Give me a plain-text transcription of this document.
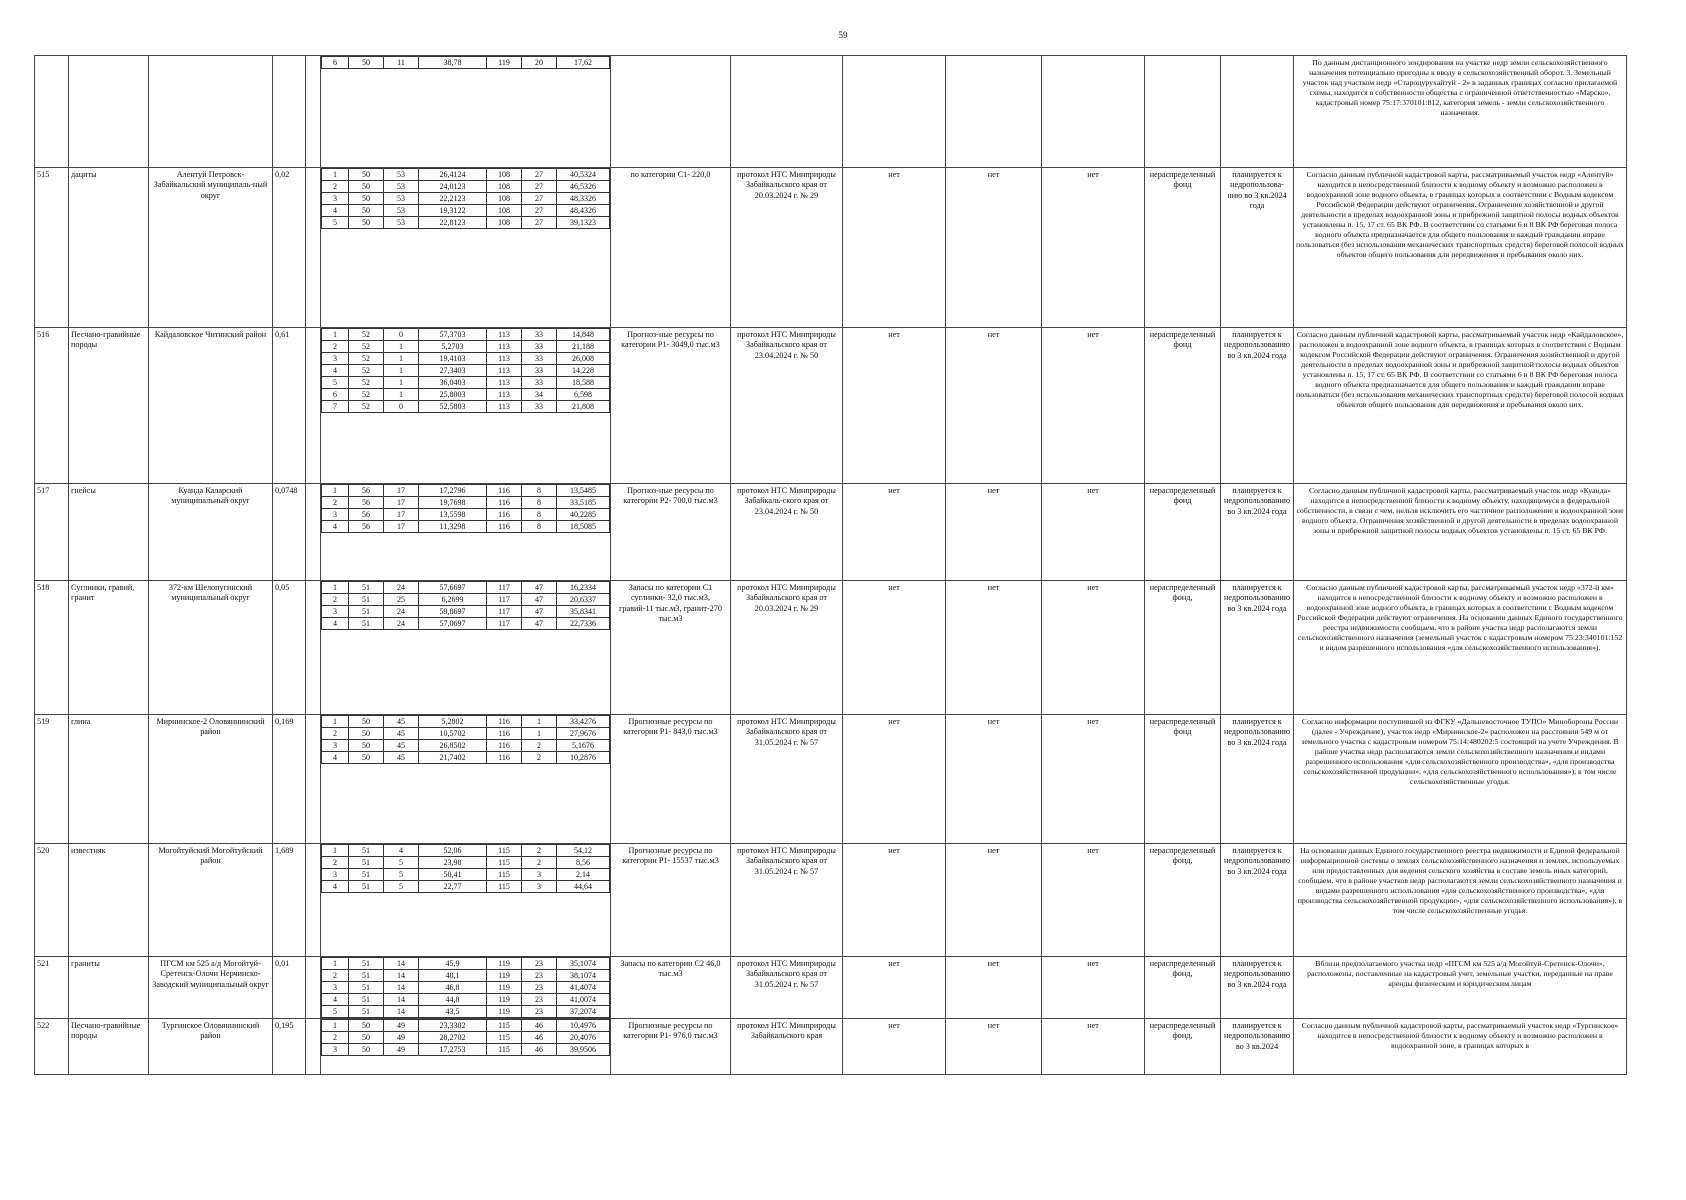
59

6	50	11	38,78	119	20	17,62
									По данным дистанционного зондирования на участке недр земли сельскохозяйственного назначения потенциально пригодны к вводу в сельскохозяйственный оборот. 3. Земельный участок над участком недр «Староцурухайтуй - 2» в заданных границах согласно прилагаемой схемы, находится в собственности общества с ограниченной ответственностью «Марско», кадастровый номер 75:17:370101:812, категория земель - земли сельскохозяйственного назначения.
515	дациты	Алентуй Петровск-Забайкальский муниципаль-ный округ	0,02			1	50	53	26,4124	108	27	40,5324
2	50	53	24,0123	108	27	46,5326
3	50	53	22,2123	108	27	48,3326
4	50	53	19,3122	108	27	48,4326
5	50	53	22,8123	108	27	39,1323
	по категории С1- 220,0	протокол НТС Минприроды Забайкальского края от 20.03.2024 г. № 29	нет	нет	нет	нераспределенный фонд	планируется к недропользова-нию во 3 кв.2024 года	Согласно данным публичной кадастровой карты, рассматриваемый участок недр «Алентуй» находится в непосредственной близости к водному объекту и возможно расположен в водоохранной зоне водного объекта, в границах которых в соответствии с Водным кодексом Российской Федерации действуют ограничения. Ограничение хозяйственной и другой деятельности в пределах водоохранной зоны и прибрежной защитной полосы водных объектов установлены п. 15, 17 ст. 65 ВК РФ. В соответствии со статьями 6 и 8 ВК РФ береговая полоса водного объекта предназначается для общего пользования и каждый гражданин вправе пользоваться (без использования механических транспортных средств) береговой полосой водных объектов общего пользования для передвижения и пребывания около них.
516	Песчано-гравийные породы	Кайдаловское Читинский район	0,61			1	52	0	57,3703	113	33	14,848
2	52	1	5,2703	113	33	21,188
3	52	1	19,4103	113	33	26,008
4	52	1	27,3403	113	33	14,228
5	52	1	36,0403	113	33	18,588
6	52	1	25,8003	113	34	6,598
7	52	0	52,5803	113	33	21,808
	Прогноз-ные ресурсы по категории Р1- 3049,0 тыс.м3	протокол НТС Минприроды Забайкальского края от 23.04.2024 г. № 50	нет	нет	нет	нераспределенный фонд	планируется к недропользованию во 3 кв.2024 года	Согласно данным публичной кадастровой карты, рассматриваемый участок недр «Кайдаловское», расположен в водоохранной зоне водного объекта, в границах которых в соответствии с Водным кодексом Российской Федерации действуют ограничения. Ограничения хозяйственной и другой деятельности в пределах водоохранной зоны и прибрежной защитной полосы водных объектов установлены п. 15, 17 ст. 65 ВК РФ. В соответствии со статьями 6 и 8 ВК РФ береговая полоса водного объекта предназначается для общего пользования и каждый гражданин вправе пользоваться (без использования механических транспортных средств) береговой полосой водных объектов общего пользования для передвижения и пребывания около них.
517	гнейсы	Куанда Каларский муниципальный округ	0,0748			1	56	17	17,2796	116	8	13,5485
2	56	17	19,7698	116	8	33,5185
3	56	17	13,5598	116	8	40,2285
4	56	17	11,3298	116	8	18,5085
	Прогноз-ные ресурсы по категории Р2- 700,0 тыс.м3	протокол НТС Минприроды Забайкаль-ского края от 23.04.2024 г. № 50	нет	нет	нет	нераспределенный фонд	планируется к недропользованию во 3 кв.2024 года	Согласно данным публичной кадастровой карты, рассматриваемый участок недр «Куанда» находится в непосредственной близости к водному объекту, находящемуся в федеральной собственности, в связи с чем, нельзя исключить его частичное расположение в водоохранной зоне водного объекта. Ограничения хозяйственной и другой деятельности в пределах водоохранной зоны и прибрежной защитной полосы водных объектов установлены п. 15 ст. 65 ВК РФ.
518	Суглинки, гравий, гранит	372-км Шелопугинский муниципальный округ	0,05			1	51	24	57,6697	117	47	16,2334
2	51	25	6,2699	117	47	20,6337
3	51	24	59,8697	117	47	35,8341
4	51	24	57,0697	117	47	22,7336
	Запасы по категории С1 суглинки- 32,0 тыс.м3, гравий-11 тыс.м3, гранит-270 тыс.м3	протокол НТС Минприроды Забайкальского края от 20.03.2024 г. № 29	нет	нет	нет	нераспределенный фонд,	планируется к недропользованию во 3 кв.2024 года	Согласно данным публичной кадастровой карты, рассматриваемый участок недр «372-й км» находится в непосредственной близости к водному объекту и возможно расположен в водоохранной зоне водного объекта, в границах которых в соответствии с Водным кодексом Российской Федерации действуют ограничения. На основании данных Единого государственного реестра недвижимости сообщаем, что в районе участка недр располагаются земли сельскохозяйственного назначения (земельный участок с кадастровым номером 75:23:340101:152 и видом разрешенного использования «для сельскохозяйственного использования»).
519	глина	Мирнинское-2 Оловяннинский район	0,169			1	50	45	5,2802	116	1	33,4276
2	50	45	10,5702	116	1	27,9676
3	50	45	26,8502	116	2	5,1676
4	50	45	21,7402	116	2	10,2876
	Прогнозные ресурсы по категории Р1- 843,0 тыс.м3	протокол НТС Минприроды Забайкальского края от 31.05.2024 г. № 57	нет	нет	нет	нераспределенный фонд	планируется к недропользованию во 3 кв.2024 года	Согласно информации поступившей из ФГКУ «Дальневосточное ТУПО» Минобороны России (далее - Учреждение), участок недр «Мирнинское-2» расположен на расстоянии 549 м от земельного участка с кадастровым номером 75:14:480202:5 состоящий на учете Учреждения. В районе участка недр располагаются земли сельскохозяйственного назначения и видами разрешенного использования «для сельскохозяйственного производства», «для производства сельскохозяйственной продукции», «для сельскохозяйственного использования»), в том числе сельскохозяйственные угодья.
520	известняк	Могойтуйский Могойтуйский район	1,689			1	51	4	52,06	115	2	54,12
2	51	5	23,98	115	2	8,56
3	51	5	50,41	115	3	2,14
4	51	5	22,77	115	3	44,64
	Прогнозные ресурсы по категории Р1- 15537 тыс.м3	протокол НТС Минприроды Забайкальского края от 31.05.2024 г. № 57	нет	нет	нет	нераспределенный фонд,	планируется к недропользованию во 3 кв.2024 года	На основании данных Единого государственного реестра недвижимости и Единой федеральной информационной системы о землях сельскохозяйственного назначения и землях, используемых или предоставленных для ведения сельского хозяйства в составе земель иных категорий, сообщаем, что в районе участков недр располагаются земли сельскохозяйственного назначения и видами разрешенного использования «для сельскохозяйственного производства», «для производства сельскохозяйственной продукции», «для сельскохозяйственного использования»), в том числе сельскохозяйственные угодья.
521	граниты	ПГСМ км 525 а/д Могойтуй-Сретенск-Олочи Нерчинско-Заводский муниципальный округ	0,01			1	51	14	45,9	119	23	35,1074
2	51	14	48,1	119	23	38,1074
3	51	14	46,8	119	23	41,4074
4	51	14	44,8	119	23	41,0074
5	51	14	43,5	119	23	37,2074
	Запасы по категории С2 46,0 тыс.м3	протокол НТС Минприроды Забайкальского края от 31.05.2024 г. № 57	нет	нет	нет	нераспределенный фонд,	планируется к недропользованию во 3 кв.2024 года	Вблизи предполагаемого участка недр «ПГСМ км 525 а/д Могойтуй-Сретенск-Олочи», расположены, поставленные на кадастровый учет, земельные участки, переданные на праве аренды физическим и юридическим лицам
522	Песчано-гравийные породы	Тургинское Оловяннинский район	0,195			1	50	49	23,3302	115	46	10,4976
2	50	49	28,2702	115	46	20,4076
3	50	49	17,2753	115	46	39,9506
	Прогнозные ресурсы по категории Р1- 976,0 тыс.м3	протокол НТС Минприроды Забайкальского края	нет	нет	нет	нераспределенный фонд,	планируется к недропользованию во 3 кв.2024	Согласно данным публичной кадастровой карты, рассматриваемый участок недр «Тургинское» находится в непосредственной близости к водному объекту и возможно расположен в водоохранной зоне, в границах которых в
